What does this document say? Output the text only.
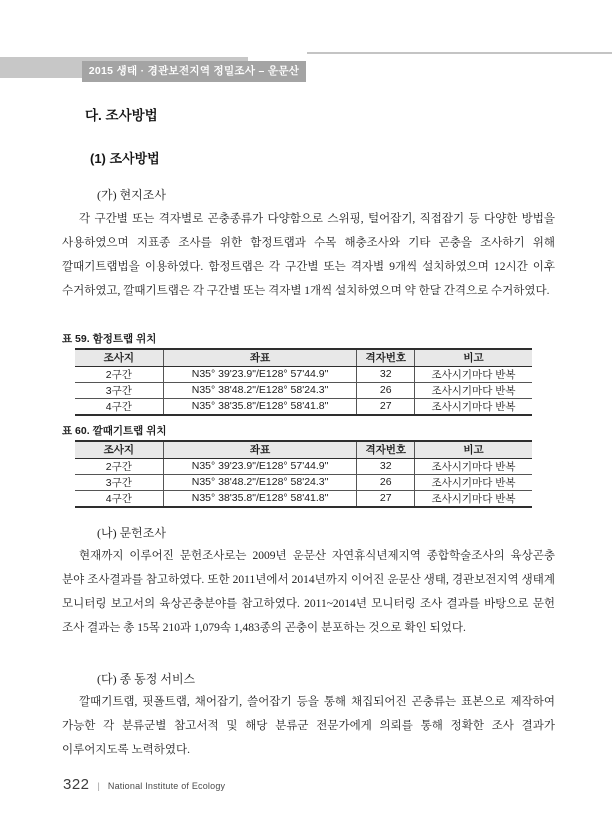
2015 생태 · 경관보전지역 정밀조사 – 운문산
다. 조사방법
(1) 조사방법
(가) 현지조사
각 구간별 또는 격자별로 곤충종류가 다양함으로 스위핑, 털어잡기, 직접잡기 등 다양한 방법을 사용하였으며 지표종 조사를 위한 함정트랩과 수목 해충조사와 기타 곤충을 조사하기 위해 깔때기트랩법을 이용하였다. 함정트랩은 각 구간별 또는 격자별 9개씩 설치하였으며 12시간 이후 수거하였고, 깔때기트랩은 각 구간별 또는 격자별 1개씩 설치하였으며 약 한달 간격으로 수거하였다.
표 59. 함정트랩 위치
조사지	좌표	격자번호	비고
2구간	N35° 39'23.9"/E128° 57'44.9"	32	조사시기마다 반복
3구간	N35° 38'48.2"/E128° 58'24.3"	26	조사시기마다 반복
4구간	N35° 38'35.8"/E128° 58'41.8"	27	조사시기마다 반복
표 60. 깔때기트랩 위치
조사지	좌표	격자번호	비고
2구간	N35° 39'23.9"/E128° 57'44.9"	32	조사시기마다 반복
3구간	N35° 38'48.2"/E128° 58'24.3"	26	조사시기마다 반복
4구간	N35° 38'35.8"/E128° 58'41.8"	27	조사시기마다 반복
(나) 문헌조사
현재까지 이루어진 문헌조사로는 2009년 운문산 자연휴식년제지역 종합학술조사의 육상곤충 분야 조사결과를 참고하였다. 또한 2011년에서 2014년까지 이어진 운문산 생태, 경관보전지역 생태계 모니터링 보고서의 육상곤충분야를 참고하였다. 2011~2014년 모니터링 조사 결과를 바탕으로 문헌 조사 결과는 총 15목 210과 1,079속 1,483종의 곤충이 분포하는 것으로 확인 되었다.
(다) 종 동정 서비스
깔때기트랩, 핏폴트랩, 채어잡기, 쓸어잡기 등을 통해 채집되어진 곤충류는 표본으로 제작하여 가능한 각 분류군별 참고서적 및 해당 분류군 전문가에게 의뢰를 통해 정확한 조사 결과가 이루어지도록 노력하였다.
322 | National Institute of Ecology
